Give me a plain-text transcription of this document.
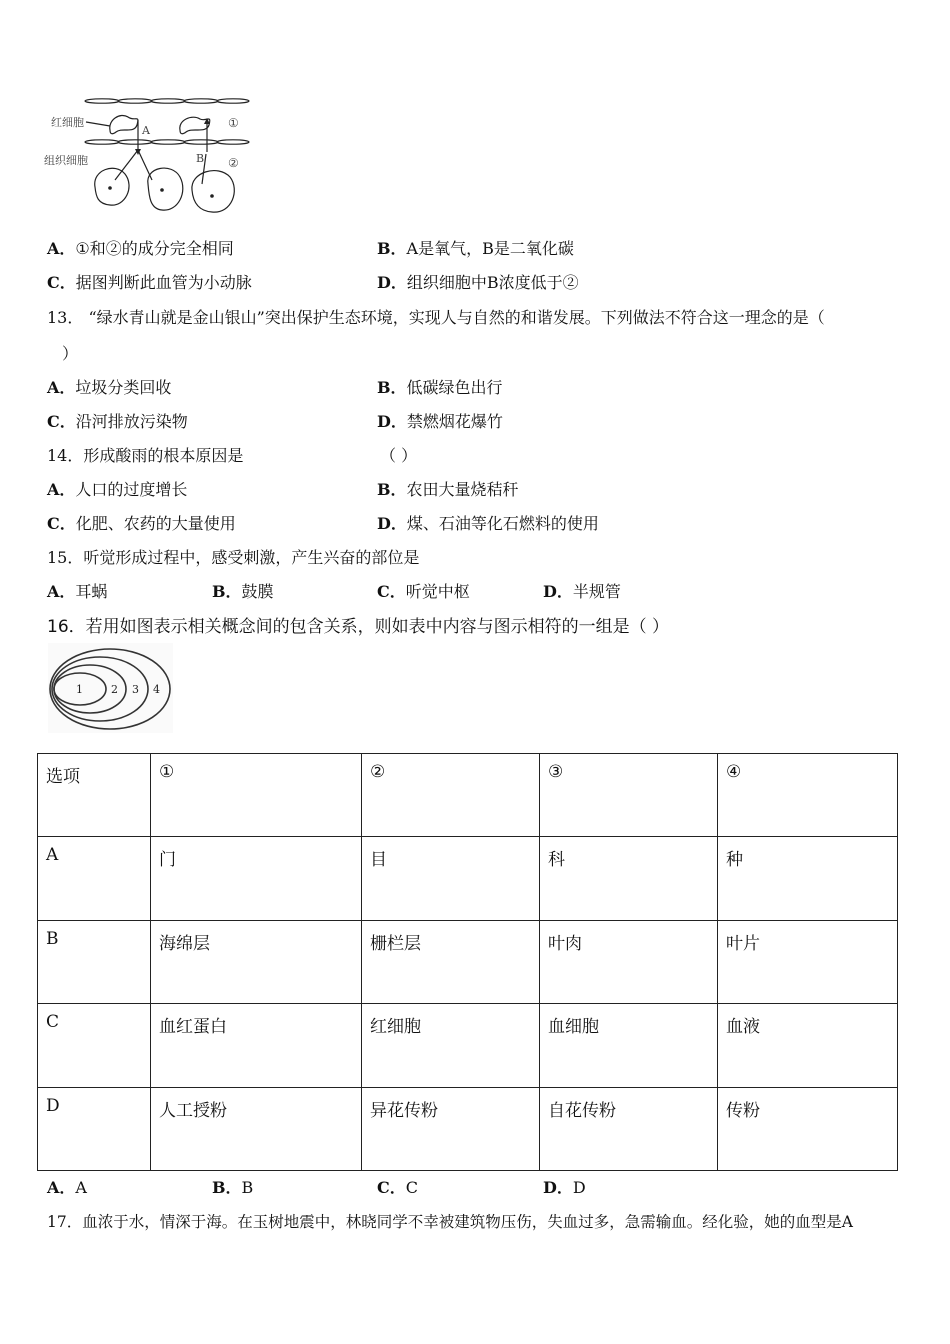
红细胞
组织细胞
A
B
①
②
A．①和②的成分完全相同	B．A是氧气，B是二氧化碳
C．据图判断此血管为小动脉	D．组织细胞中B浓度低于②
13． “绿水青山就是金山银山”突出保护生态环境，实现人与自然的和谐发展。下列做法不符合这一理念的是（
）
A．垃圾分类回收	B．低碳绿色出行
C．沿河排放污染物	D．禁燃烟花爆竹
14．形成酸雨的根本原因是	（ ）
A．人口的过度增长	B．农田大量烧秸秆
C．化肥、农药的大量使用	D．煤、石油等化石燃料的使用
15．听觉形成过程中，感受刺激，产生兴奋的部位是
A．耳蜗	B．鼓膜	C．听觉中枢	D．半规管
16．若用如图表示相关概念间的包含关系，则如表中内容与图示相符的一组是（ ）
1	2 3 4
选项	①	②	③	④
A	门	目	科	种
B	海绵层	栅栏层	叶肉	叶片
C	血红蛋白	红细胞	血细胞	血液
D	人工授粉	异花传粉	自花传粉	传粉
A．A	B．B	C．C	D．D
17．血浓于水，情深于海。在玉树地震中，林晓同学不幸被建筑物压伤，失血过多，急需输血。经化验，她的血型是A
